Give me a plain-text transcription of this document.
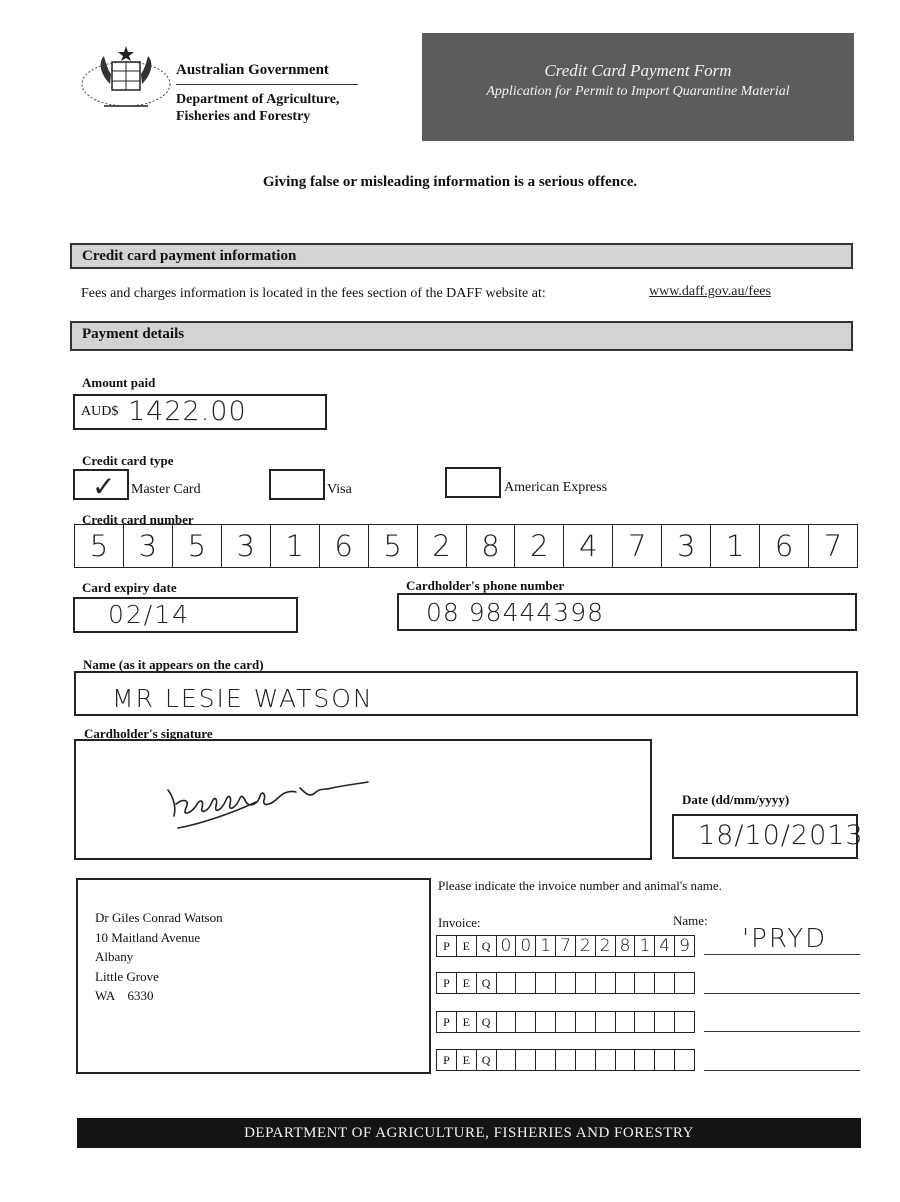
Australian Government
Department of Agriculture, Fisheries and Forestry
Credit Card Payment Form
Application for Permit to Import Quarantine Material
Giving false or misleading information is a serious offence.
Credit card payment information
Fees and charges information is located in the fees section of the DAFF website at:	www.daff.gov.au/fees
Payment details
Amount paid
AUD$ 1422.00
Credit card type
✓ Master Card	Visa	American Express
Credit card number
5	3	5	3	1	6	5	2	8	2	4	7	3	1	6	7
Card expiry date
02/14
Cardholder's phone number
08 98444398
Name (as it appears on the card)
MR LESIE WATSON
Cardholder's signature
Date (dd/mm/yyyy)
18/10/2013
Dr Giles Conrad Watson
10 Maitland Avenue
Albany
Little Grove
WA    6330
Please indicate the invoice number and animal's name.
Invoice:	Name:
P	E Q 0 0 1 7 2 2 8 1 4 9 'PRYD
P	E Q
P	E Q
P	E Q
DEPARTMENT OF AGRICULTURE, FISHERIES AND FORESTRY
